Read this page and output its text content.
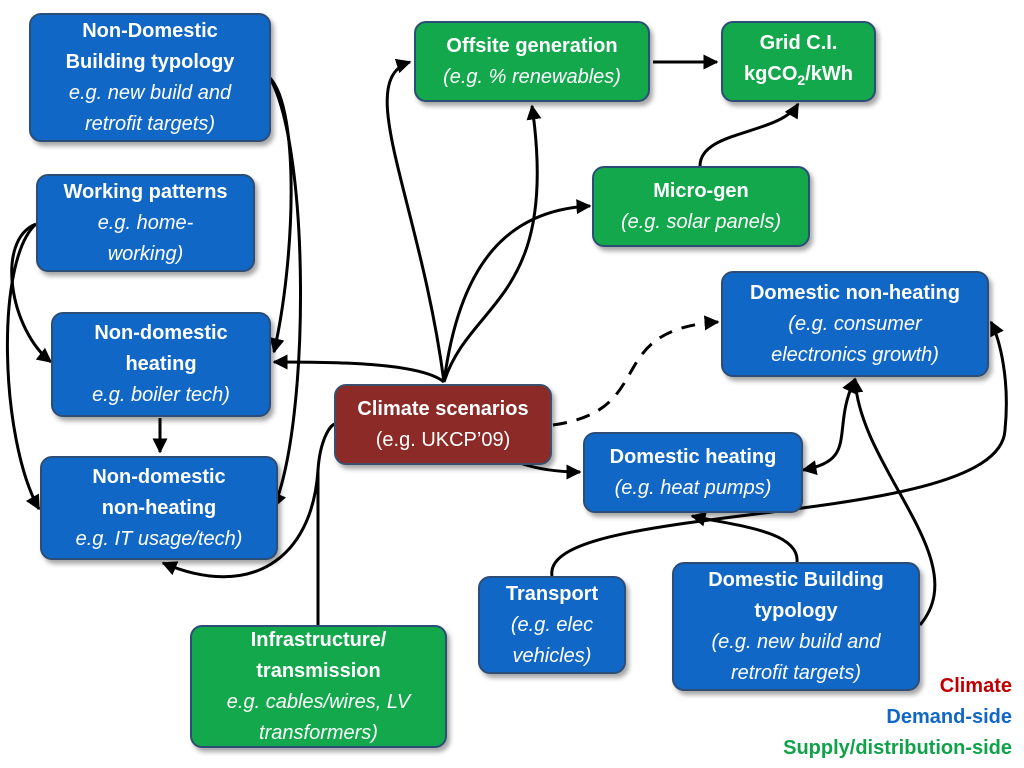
Non-Domestic
Building typology
e.g. new build and
retrofit targets)
Working patterns
e.g. home-
working)
Non-domestic
heating
e.g. boiler tech)
Non-domestic
non-heating
e.g. IT usage/tech)
Infrastructure/
transmission
e.g. cables/wires, LV
transformers)
Climate scenarios
(e.g. UKCP’09)
Offsite generation
(e.g. % renewables)
Grid C.I.
kgCO$_2$/kWh
Micro-gen
(e.g. solar panels)
Domestic non-heating
(e.g. consumer
electronics growth)
Domestic heating
(e.g. heat pumps)
Transport
(e.g. elec
vehicles)
Domestic Building
typology
(e.g. new build and
retrofit targets)
Climate
Demand-side
Supply/distribution-side
